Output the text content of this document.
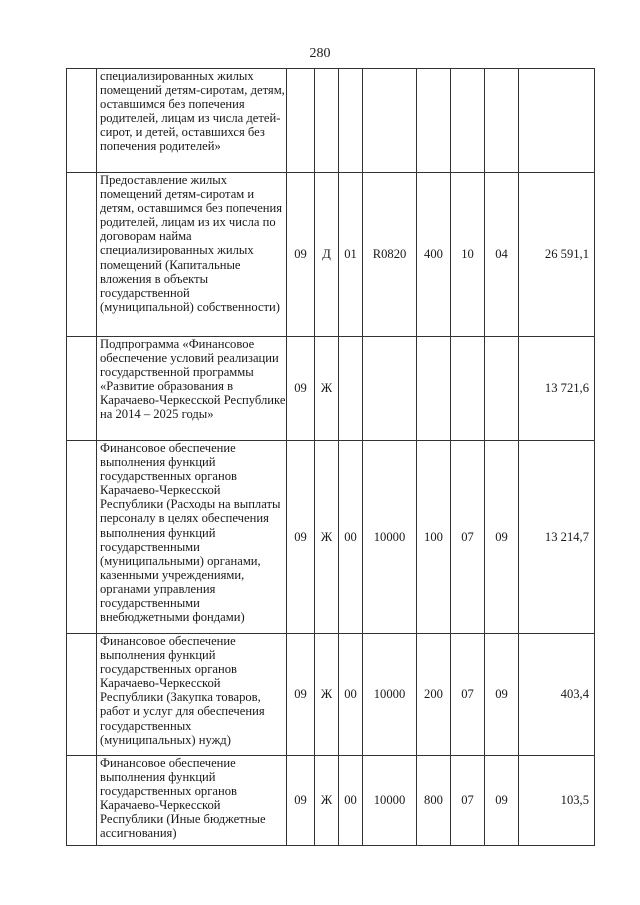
280
	специализированных жилых помещений детям-сиротам, детям, оставшимся без попечения родителей, лицам из числа детей-сирот, и детей, оставшихся без попечения родителей»								
	Предоставление жилых помещений детям-сиротам и детям, оставшимся без попечения родителей, лицам из их числа по договорам найма специализированных жилых помещений (Капитальные вложения в объекты государственной (муниципальной) собственности)	09	Д	01	R0820	400	10	04	26 591,1
	Подпрограмма «Финансовое обеспечение условий реализации государственной программы «Развитие образования в Карачаево-Черкесской Республике на 2014 – 2025 годы»	09	Ж						13 721,6
	Финансовое обеспечение выполнения функций государственных органов Карачаево-Черкесской Республики (Расходы на выплаты персоналу в целях обеспечения выполнения функций государственными (муниципальными) органами, казенными учреждениями, органами управления государственными внебюджетными фондами)	09	Ж	00	10000	100	07	09	13 214,7
	Финансовое обеспечение выполнения функций государственных органов Карачаево-Черкесской Республики (Закупка товаров, работ и услуг для обеспечения государственных (муниципальных) нужд)	09	Ж	00	10000	200	07	09	403,4
	Финансовое обеспечение выполнения функций государственных органов Карачаево-Черкесской Республики (Иные бюджетные ассигнования)	09	Ж	00	10000	800	07	09	103,5
